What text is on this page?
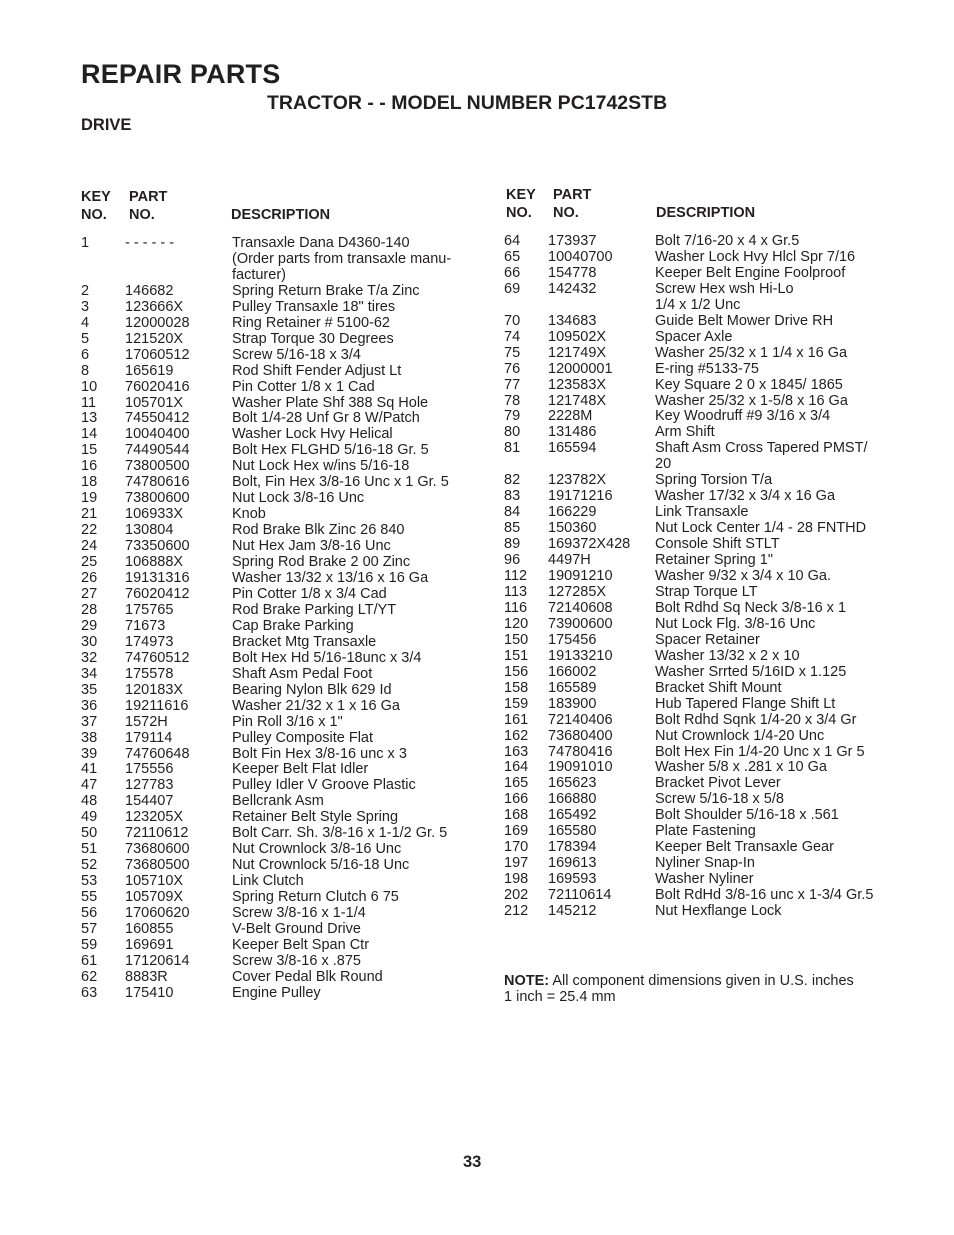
REPAIR PARTS
TRACTOR - - MODEL NUMBER PC1742STB
DRIVE
KEY
NO.
PART
NO.	DESCRIPTION
1	- - - - - -	Transaxle Dana D4360-140
(Order parts from transaxle manu-
facturer)
2	146682	Spring Return Brake T/a Zinc
3	123666X	Pulley Transaxle 18" tires
4	12000028	Ring Retainer # 5100-62
5	121520X	Strap Torque 30 Degrees
6	17060512	Screw 5/16-18 x 3/4
8	165619	Rod Shift Fender Adjust Lt
10	76020416	Pin Cotter 1/8 x 1 Cad
11	105701X	Washer Plate Shf 388 Sq Hole
13	74550412	Bolt 1/4-28 Unf Gr 8 W/Patch
14	10040400	Washer Lock Hvy Helical
15	74490544	Bolt Hex FLGHD 5/16-18 Gr. 5
16	73800500	Nut Lock Hex w/ins 5/16-18
18	74780616	Bolt, Fin Hex 3/8-16 Unc x 1 Gr. 5
19	73800600	Nut Lock 3/8-16 Unc
21	106933X	Knob
22	130804	Rod Brake Blk Zinc 26 840
24	73350600	Nut Hex Jam 3/8-16 Unc
25	106888X	Spring Rod Brake 2 00 Zinc
26	19131316	Washer 13/32 x 13/16 x 16 Ga
27	76020412	Pin Cotter 1/8 x 3/4 Cad
28	175765	Rod Brake Parking LT/YT
29	71673	Cap Brake Parking
30	174973	Bracket Mtg Transaxle
32	74760512	Bolt Hex Hd 5/16-18unc x 3/4
34	175578	Shaft Asm Pedal Foot
35	120183X	Bearing Nylon Blk 629 Id
36	19211616	Washer 21/32 x 1 x 16 Ga
37	1572H	Pin Roll 3/16 x 1"
38	179114	Pulley Composite Flat
39	74760648	Bolt Fin Hex 3/8-16 unc x 3
41	175556	Keeper Belt Flat Idler
47	127783	Pulley Idler V Groove Plastic
48	154407	Bellcrank Asm
49	123205X	Retainer Belt Style Spring
50	72110612	Bolt Carr. Sh. 3/8-16 x 1-1/2 Gr. 5
51	73680600	Nut Crownlock 3/8-16 Unc
52	73680500	Nut Crownlock 5/16-18 Unc
53	105710X	Link Clutch
55	105709X	Spring Return Clutch 6 75
56	17060620	Screw 3/8-16 x 1-1/4
57	160855	V-Belt Ground Drive
59	169691	Keeper Belt Span Ctr
61	17120614	Screw 3/8-16 x .875
62	8883R	Cover Pedal Blk Round
63	175410	Engine Pulley
KEY
NO.
PART
NO.	DESCRIPTION
64	173937	Bolt 7/16-20 x 4 x Gr.5
65	10040700	Washer Lock Hvy Hlcl Spr 7/16
66	154778	Keeper Belt Engine Foolproof
69	142432	Screw Hex wsh Hi-Lo
1/4 x 1/2 Unc
70	134683	Guide Belt Mower Drive RH
74	109502X	Spacer Axle
75	121749X	Washer 25/32 x 1 1/4 x 16 Ga
76	12000001	E-ring #5133-75
77	123583X	Key Square 2 0 x 1845/ 1865
78	121748X	Washer 25/32 x 1-5/8 x 16 Ga
79	2228M	Key Woodruff #9 3/16 x 3/4
80	131486	Arm Shift
81	165594	Shaft Asm Cross Tapered PMST/
20
82	123782X	Spring Torsion T/a
83	19171216	Washer 17/32 x 3/4 x 16 Ga
84	166229	Link Transaxle
85	150360	Nut Lock Center 1/4 - 28 FNTHD
89	169372X428	Console Shift STLT
96	4497H	Retainer Spring 1"
112	19091210	Washer 9/32 x 3/4 x 10 Ga.
113	127285X	Strap Torque LT
116	72140608	Bolt Rdhd Sq Neck 3/8-16 x 1
120	73900600	Nut Lock Flg. 3/8-16 Unc
150	175456	Spacer Retainer
151	19133210	Washer 13/32 x 2 x 10
156	166002	Washer Srrted 5/16ID x 1.125
158	165589	Bracket Shift Mount
159	183900	Hub Tapered Flange Shift Lt
161	72140406	Bolt Rdhd Sqnk 1/4-20 x 3/4 Gr
162	73680400	Nut Crownlock 1/4-20 Unc
163	74780416	Bolt Hex Fin 1/4-20 Unc x 1 Gr 5
164	19091010	Washer 5/8 x .281 x 10 Ga
165	165623	Bracket Pivot Lever
166	166880	Screw 5/16-18 x 5/8
168	165492	Bolt Shoulder 5/16-18 x .561
169	165580	Plate Fastening
170	178394	Keeper Belt Transaxle Gear
197	169613	Nyliner Snap-In
198	169593	Washer Nyliner
202	72110614	Bolt RdHd 3/8-16 unc x 1-3/4 Gr.5
212	145212	Nut Hexflange Lock
NOTE: All component dimensions given in U.S. inches
1 inch = 25.4 mm
33
